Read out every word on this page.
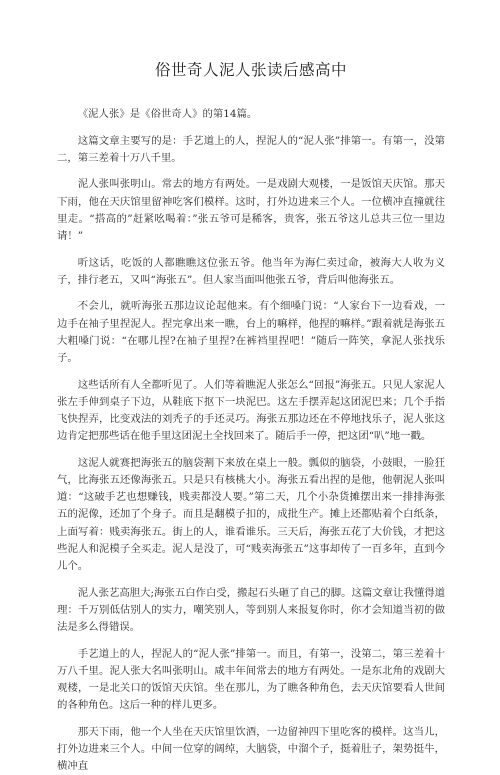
俗世奇人泥人张读后感高中

《泥人张》是《俗世奇人》的第14篇。

这篇文章主要写的是：手艺道上的人，捏泥人的“泥人张”排第一。有第一，没第二，第三差着十万八千里。

泥人张叫张明山。常去的地方有两处。一是戏剧大观楼，一是饭馆天庆馆。那天下雨，他在天庆馆里留神吃客们模样。这时，打外边进来三个人。一位横冲直撞就往里走。“搭高的”赶紧吆喝着：”张五爷可是稀客，贵客，张五爷这儿总共三位一里边请！”

听这话，吃饭的人都瞧瞧这位张五爷。他当年为海仁卖过命，被海大人收为义子，排行老五，又叫“海张五”。但人家当面叫他张五爷，背后叫他海张五。

不会儿，就听海张五那边议论起他来。有个细嗓门说：“人家台下一边看戏，一边手在袖子里捏泥人。捏完拿出来一瞧，台上的嘛样，他捏的嘛样。”跟着就是海张五大粗嗓门说：“在哪儿捏?在袖子里捏?在裤裆里捏吧！”随后一阵笑，拿泥人张找乐子。

这些话所有人全都听见了。人们等着瞧泥人张怎么“回报”海张五。只见人家泥人张左手伸到桌子下边，从鞋底下抠下一块泥巴。这左手摆弄起这团泥巴来；几个手指飞快捏弄，比变戏法的刘秃子的手还灵巧。海张五那边还在不停地找乐子，泥人张这边肯定把那些话在他手里这团泥土全找回来了。随后手一停，把这团“叭”地一戳。

这泥人就赛把海张五的脑袋割下来放在桌上一般。瓢似的脑袋，小鼓眼，一脸狂气，比海张五还像海张五。只是只有核桃大小。海张五看出捏的是他，他朝泥人张叫道：“这破手艺也想赚钱，贱卖都没人要。”第二天，几个小杂货摊摆出来一排排海张五的泥像，还加了个身子。而且是翻模子扣的，成批生产。摊上还都贴着个白纸条，上面写着：贱卖海张五。街上的人，谁看谁乐。三天后，海张五花了大价钱，才把这些泥人和泥模子全买走。泥人是没了，可“贱卖海张五”这事却传了一百多年，直到今儿个。

泥人张艺高胆大;海张五白作白受，搬起石头砸了自己的脚。这篇文章让我懂得道理：千万别低估别人的实力，嘲笑别人，等到别人来报复你时，你才会知道当初的做法是多么得错误。

手艺道上的人，捏泥人的“泥人张”排第一。而且，有第一，没第二，第三差着十万八千里。泥人张大名叫张明山。咸丰年间常去的地方有两处。一是东北角的戏剧大观楼，一是北关口的饭馆天庆馆。坐在那儿，为了瞧各种角色，去天庆馆要看人世间的各种角色。这后一种的样儿更多。

那天下雨，他一个人坐在天庆馆里饮酒，一边留神四下里吃客的模样。这当儿，打外边进来三个人。中间一位穿的阔绰，大脑袋，中溜个子，挺着肚子，架势挺牛，横冲直
